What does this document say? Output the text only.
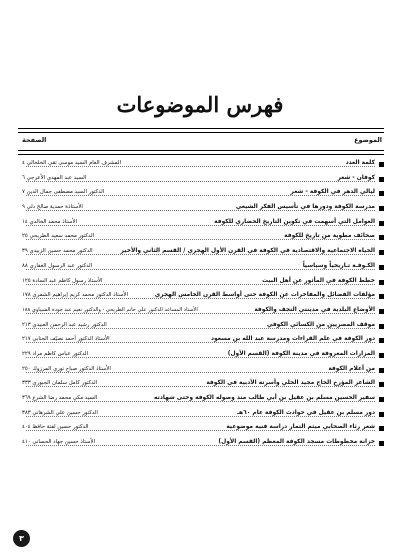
فهرس الموضوعات
الموضوع
الصفحة
كلمة العدد
المشرف العام السيد موسى تقي الخلخالي ٤
كوفان - شعر
السيد عبد المهدي الأعرجي ٦
ليالي الدهر في الكوفة - شعر
الدكتور السيد مصطفى جمال الدين ٧
مدرسة الكوفة ودورها في تأسيس الفكر الشيعي
الأستاذة حمدية صالح دلي ٩
العوامل التي أسهمت في تكوين التاريخ الحضاري للكوفة
الأستاذ محمد الخالدي ١٤
صحائف مطوية من تاريخ للكوفة
الدكتور محمد سعيد الطريحي ٢٥
الحياة الاجتماعية والاقتصادية في الكوفة في القرن الأول الهجري / القسم الثاني والأخير
الدكتور محمد حسين الزبيدي ٣٩
الكـوفـة تـاريخياً وسياسياً
الدكتور عبد الرسول الغفاري ٨٨
خطط الكوفة في المأثور عن أهل البيت
الأستاذ رسول كاظم عبد السادة ١٢٥
مؤلفات الفضائل والمفاخرات عن الكوفة حتى أواسط القرن الخامس الهجري
الأستاذ الدكتور محمد كريم إبراهيم الشمري ١٧٨
الأوضاع البلدية في مدينتي النجف والكوفة
الأستاذ المساعد الدكتور علي حاتم الطريحي - والدكتور نعيم عبد جودة الشيباوي ١٨٨
موقف المصريين من الكسائي الكوفي
الدكتور رشيد عبد الرحمن العبيدي ٢١٣
دور الكوفة في علم القراءات ومدرسة عبد الله بن مسعود
الأستاذ الدكتور أحمد نصيّف الجنابي ٢١٧
المزارات المعروفة في مدينة الكوفة (القسم الأول)
الدكتور عباس كاظم مراد ٢٢٩
من أعلام الكوفة
الأستاذ الدكتور صباح نوري المرزوك ٢٥٠
الشاعر المؤرخ الحاج مجيد الحلي وأسرته الأدبية في الكوفة
الدكتور كامل سلمان الجبوري ٣٣٣
سفير الحسين مسلم بن عقيل بن أبي طالب منذ وصوله الكوفة وحتى شهادته
السيد مكي محمد رضا الشرع ٣٦٩
دور مسلم بن عقيل في حوادث الكوفة عام ٦٠هـ
الدكتور حسين علي الشرهاني ٣٨٣
شعر رثاء الصحابي ميثم التمار دراسة فنية موضوعية
الدكتور حسين لفتة حافظ ٤٠٤
خزانة مخطوطات مسجد الكوفة المعظم (القسم الأول)
الأستاذ حسين جهاد الحساني ٤١٠
٣
